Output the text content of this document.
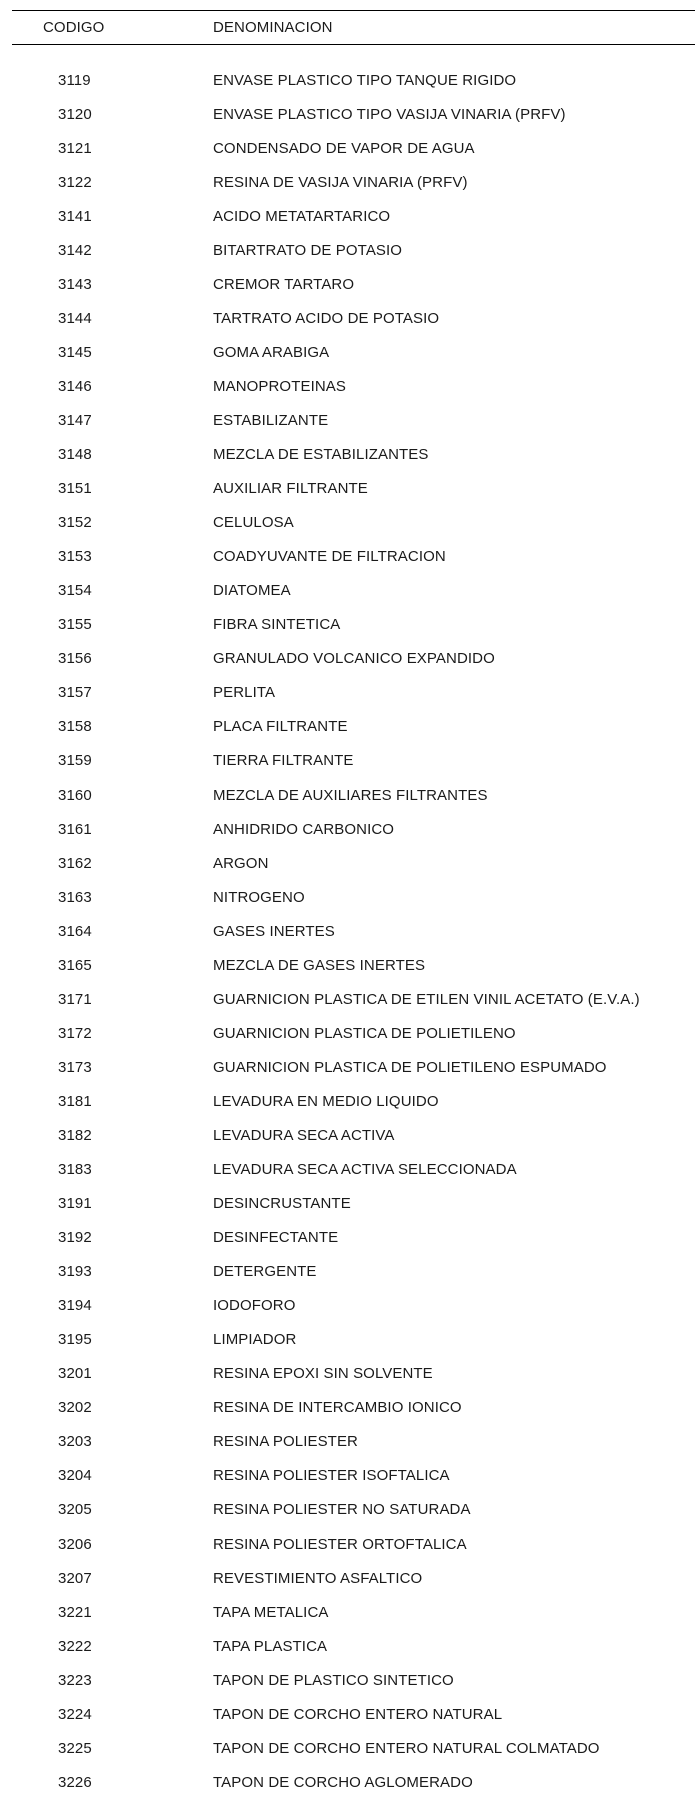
CODIGO	DENOMINACION
3119	ENVASE PLASTICO TIPO TANQUE RIGIDO
3120	ENVASE PLASTICO TIPO VASIJA VINARIA (PRFV)
3121	CONDENSADO DE VAPOR DE AGUA
3122	RESINA DE VASIJA VINARIA (PRFV)
3141	ACIDO METATARTARICO
3142	BITARTRATO DE POTASIO
3143	CREMOR TARTARO
3144	TARTRATO ACIDO DE POTASIO
3145	GOMA ARABIGA
3146	MANOPROTEINAS
3147	ESTABILIZANTE
3148	MEZCLA DE ESTABILIZANTES
3151	AUXILIAR FILTRANTE
3152	CELULOSA
3153	COADYUVANTE DE FILTRACION
3154	DIATOMEA
3155	FIBRA SINTETICA
3156	GRANULADO VOLCANICO EXPANDIDO
3157	PERLITA
3158	PLACA FILTRANTE
3159	TIERRA FILTRANTE
3160	MEZCLA DE AUXILIARES FILTRANTES
3161	ANHIDRIDO CARBONICO
3162	ARGON
3163	NITROGENO
3164	GASES INERTES
3165	MEZCLA DE GASES INERTES
3171	GUARNICION PLASTICA DE ETILEN VINIL ACETATO (E.V.A.)
3172	GUARNICION PLASTICA DE POLIETILENO
3173	GUARNICION PLASTICA DE POLIETILENO ESPUMADO
3181	LEVADURA EN MEDIO LIQUIDO
3182	LEVADURA SECA ACTIVA
3183	LEVADURA SECA ACTIVA SELECCIONADA
3191	DESINCRUSTANTE
3192	DESINFECTANTE
3193	DETERGENTE
3194	IODOFORO
3195	LIMPIADOR
3201	RESINA EPOXI SIN SOLVENTE
3202	RESINA DE INTERCAMBIO IONICO
3203	RESINA POLIESTER
3204	RESINA POLIESTER ISOFTALICA
3205	RESINA POLIESTER NO SATURADA
3206	RESINA POLIESTER ORTOFTALICA
3207	REVESTIMIENTO ASFALTICO
3221	TAPA METALICA
3222	TAPA PLASTICA
3223	TAPON DE PLASTICO SINTETICO
3224	TAPON DE CORCHO ENTERO NATURAL
3225	TAPON DE CORCHO ENTERO NATURAL COLMATADO
3226	TAPON DE CORCHO AGLOMERADO
